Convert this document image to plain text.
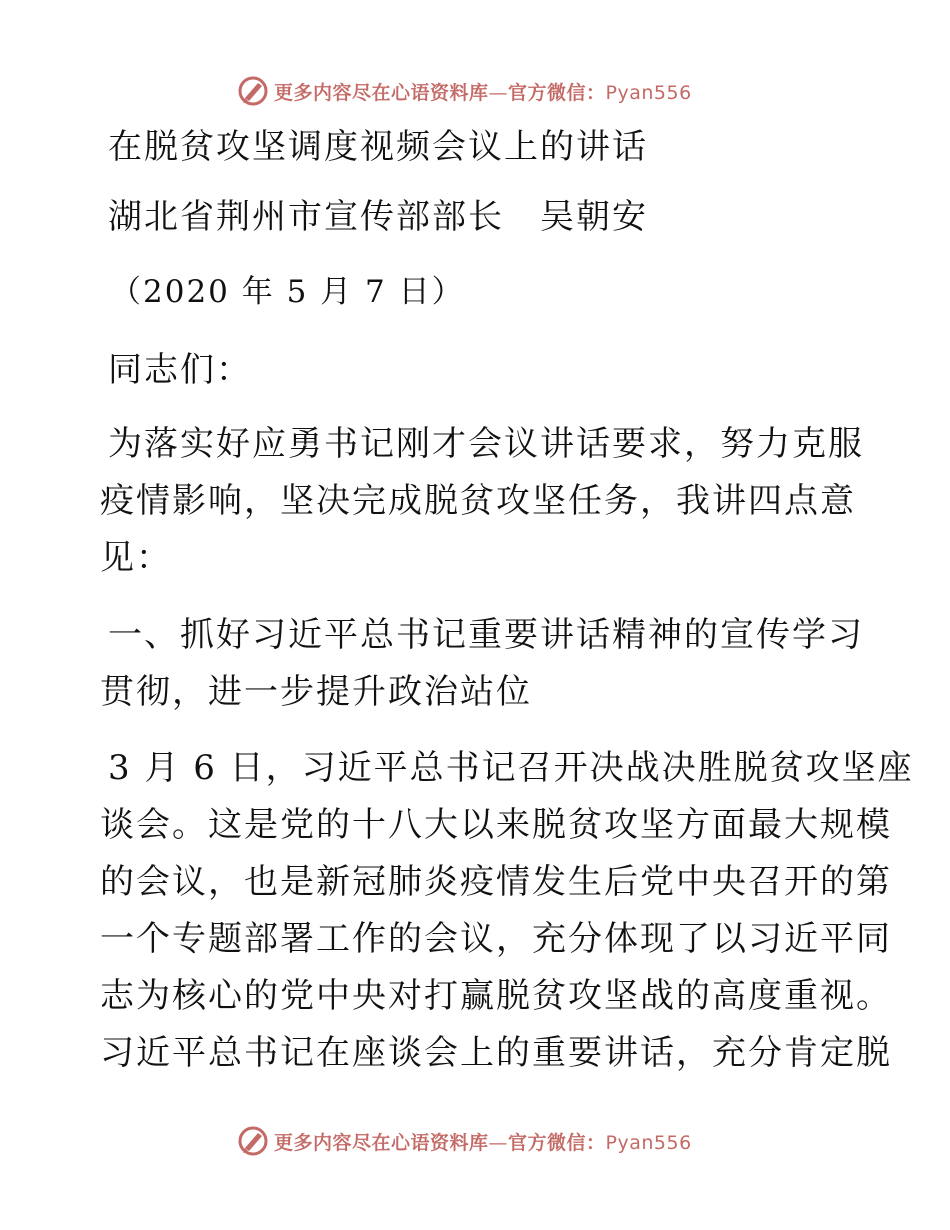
更多内容尽在心语资料库—官方微信：Pyan556
在脱贫攻坚调度视频会议上的讲话
湖北省荆州市宣传部部长　吴朝安
（2020 年 5 月 7 日）
同志们：
为落实好应勇书记刚才会议讲话要求，努力克服
疫情影响，坚决完成脱贫攻坚任务，我讲四点意
见：
一、抓好习近平总书记重要讲话精神的宣传学习
贯彻，进一步提升政治站位
3 月 6 日，习近平总书记召开决战决胜脱贫攻坚座
谈会。这是党的十八大以来脱贫攻坚方面最大规模
的会议，也是新冠肺炎疫情发生后党中央召开的第
一个专题部署工作的会议，充分体现了以习近平同
志为核心的党中央对打赢脱贫攻坚战的高度重视。
习近平总书记在座谈会上的重要讲话，充分肯定脱
更多内容尽在心语资料库—官方微信：Pyan556
